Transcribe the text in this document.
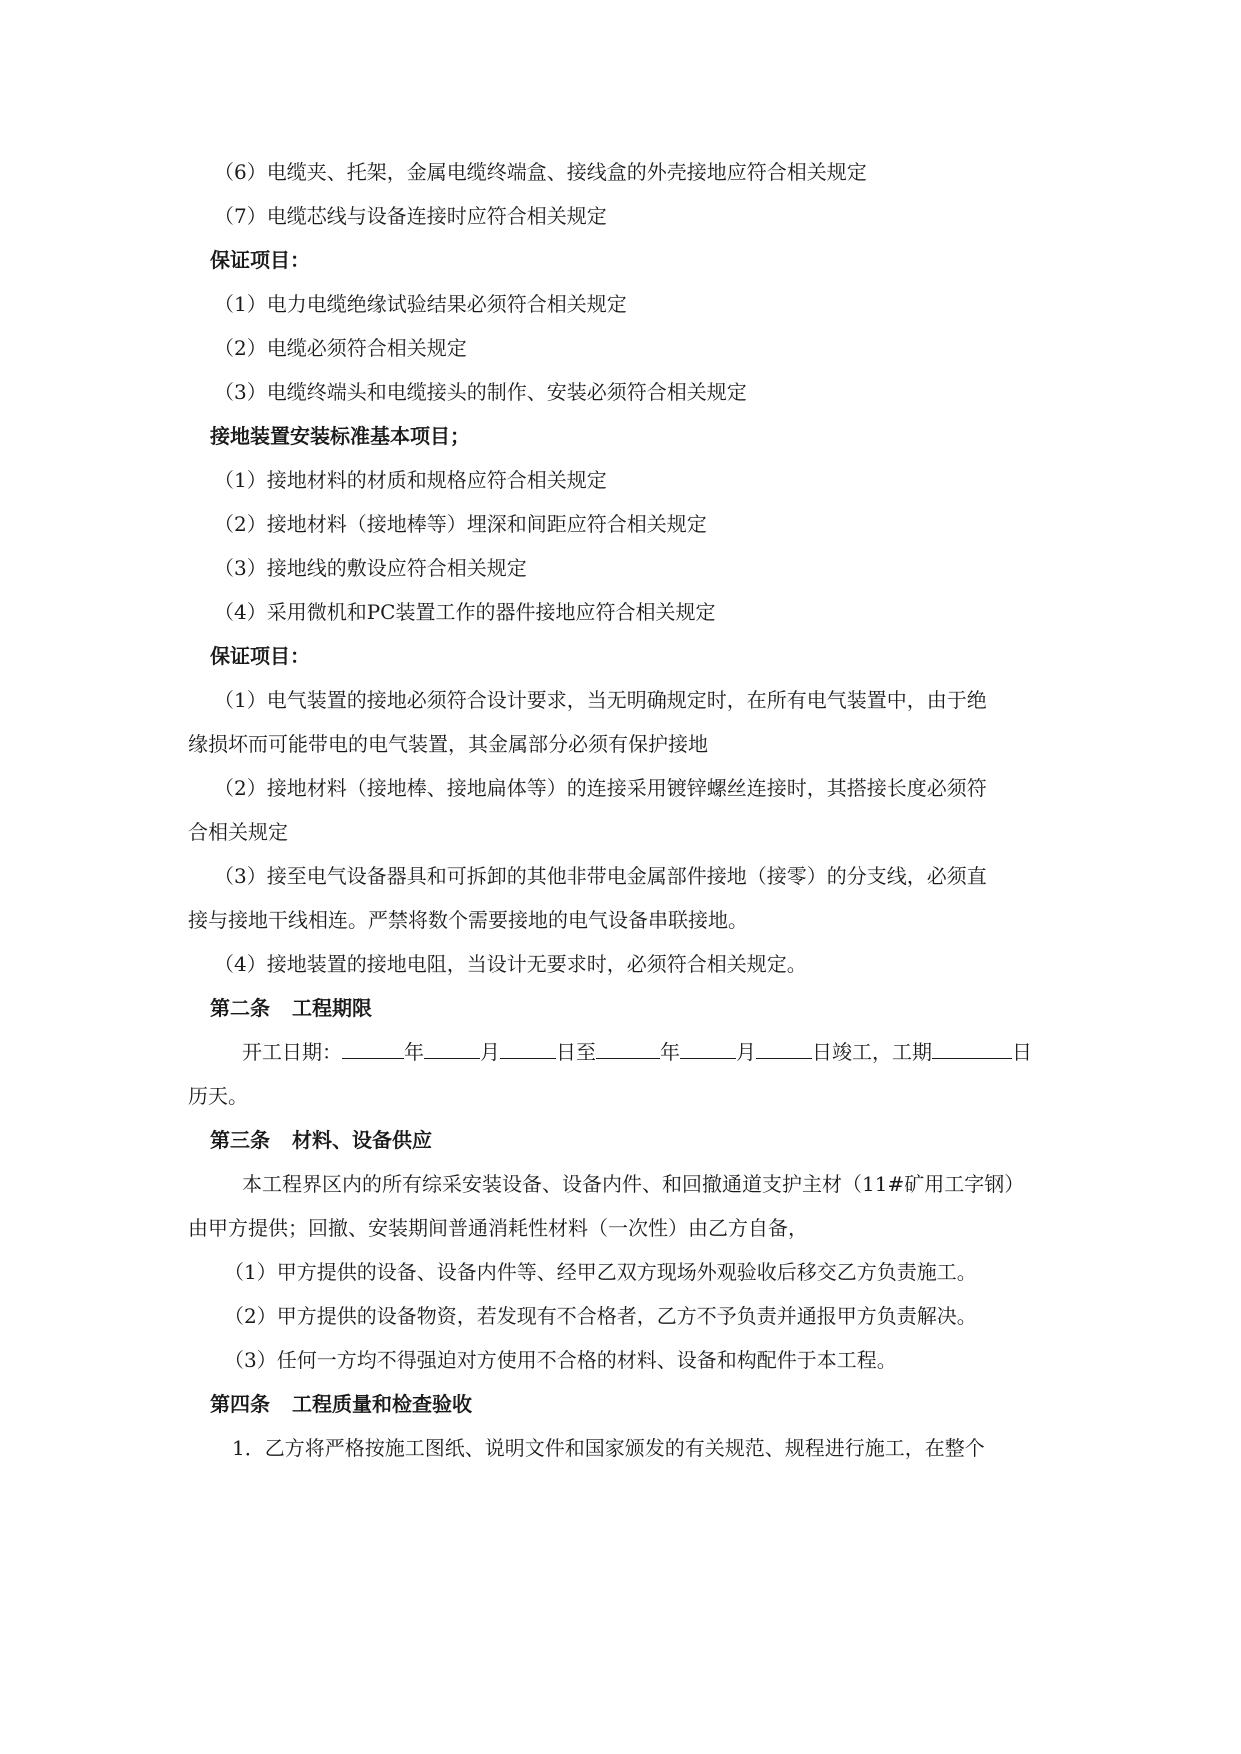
（6）电缆夹、托架，金属电缆终端盒、接线盒的外壳接地应符合相关规定
（7）电缆芯线与设备连接时应符合相关规定
保证项目：
（1）电力电缆绝缘试验结果必须符合相关规定
（2）电缆必须符合相关规定
（3）电缆终端头和电缆接头的制作、安装必须符合相关规定
接地装置安装标准基本项目；
（1）接地材料的材质和规格应符合相关规定
（2）接地材料（接地棒等）埋深和间距应符合相关规定
（3）接地线的敷设应符合相关规定
（4）采用微机和PC装置工作的器件接地应符合相关规定
保证项目：
（1）电气装置的接地必须符合设计要求，当无明确规定时，在所有电气装置中，由于绝
缘损坏而可能带电的电气装置，其金属部分必须有保护接地
（2）接地材料（接地棒、接地扁体等）的连接采用镀锌螺丝连接时，其搭接长度必须符
合相关规定
（3）接至电气设备器具和可拆卸的其他非带电金属部件接地（接零）的分支线，必须直
接与接地干线相连。严禁将数个需要接地的电气设备串联接地。
（4）接地装置的接地电阻，当设计无要求时，必须符合相关规定。
第二条 工程期限
开工日期：	年	月	日至	年	月	日竣工，工期	日
历天。
第三条 材料、设备供应
本工程界区内的所有综采安装设备、设备内件、和回撤通道支护主材（11#矿用工字钢）
由甲方提供；回撤、安装期间普通消耗性材料（一次性）由乙方自备，
（1）甲方提供的设备、设备内件等、经甲乙双方现场外观验收后移交乙方负责施工。
（2）甲方提供的设备物资，若发现有不合格者，乙方不予负责并通报甲方负责解决。
（3）任何一方均不得强迫对方使用不合格的材料、设备和构配件于本工程。
第四条 工程质量和检查验收
1．乙方将严格按施工图纸、说明文件和国家颁发的有关规范、规程进行施工，在整个
